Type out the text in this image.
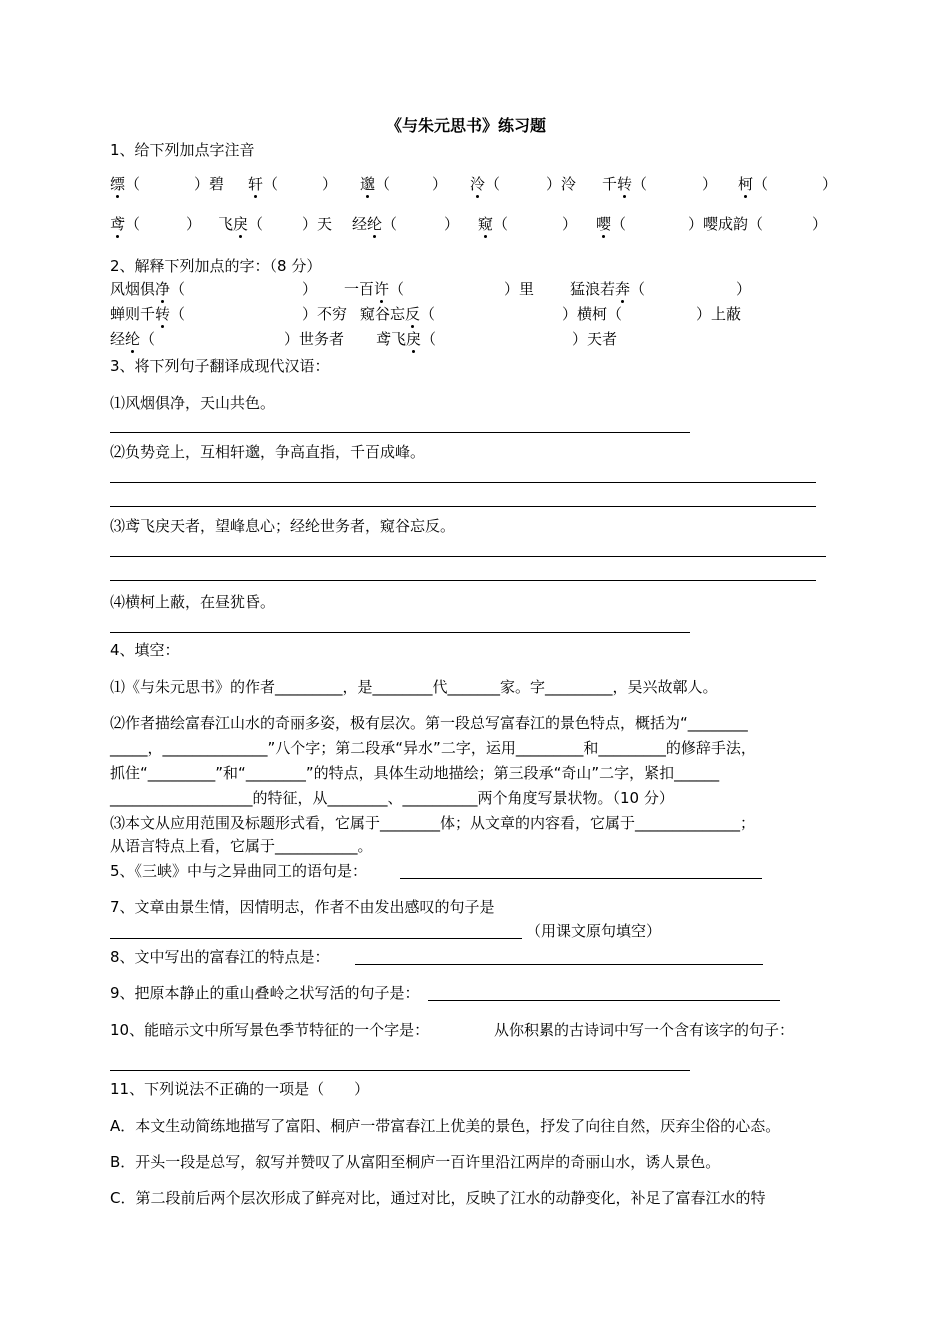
《与朱元思书》练习题
1、给下列加点字注音
缥（	）碧 轩（	） 邈（	） 泠（	）泠 千转（	） 柯（	）
鸢（	） 飞戾（	）天 经纶（	） 窥（	） 嘤（	）嘤成韵（	）
2、解释下列加点的字：（8 分）
风烟俱净（	） 一百许（	）里 猛浪若奔（	）
蝉则千转（	）不穷 窥谷忘反（	）横柯（	）上蔽
经纶（	）世务者 鸢飞戾（	）天者
3、将下列句子翻译成现代汉语：
⑴风烟俱净，天山共色。
⑵负势竞上，互相轩邈，争高直指，千百成峰。
⑶鸢飞戾天者，望峰息心；经纶世务者，窥谷忘反。
⑷横柯上蔽，在昼犹昏。
4、填空：
⑴《与朱元思书》的作者_________，是________代_______家。字_________，吴兴故鄣人。
⑵作者描绘富春江山水的奇丽多姿，极有层次。第一段总写富春江的景色特点，概括为“________
_____，______________”八个字；第二段承“异水”二字，运用_________和_________的修辞手法，
抓住“_________”和“________”的特点，具体生动地描绘；第三段承“奇山”二字，紧扣______
___________________的特征，从________、__________两个角度写景状物。（10 分）
⑶本文从应用范围及标题形式看，它属于________体；从文章的内容看，它属于______________；
从语言特点上看，它属于___________。
5、《三峡》中与之异曲同工的语句是：
7、文章由景生情，因情明志，作者不由发出感叹的句子是
（用课文原句填空）
8、文中写出的富春江的特点是：
9、把原本静止的重山叠岭之状写活的句子是：
10、能暗示文中所写景色季节特征的一个字是：	从你积累的古诗词中写一个含有该字的句子：
11、下列说法不正确的一项是（　　）
A．本文生动简练地描写了富阳、桐庐一带富春江上优美的景色，抒发了向往自然，厌弃尘俗的心态。
B．开头一段是总写，叙写并赞叹了从富阳至桐庐一百许里沿江两岸的奇丽山水，诱人景色。
C．第二段前后两个层次形成了鲜亮对比，通过对比，反映了江水的动静变化，补足了富春江水的特
